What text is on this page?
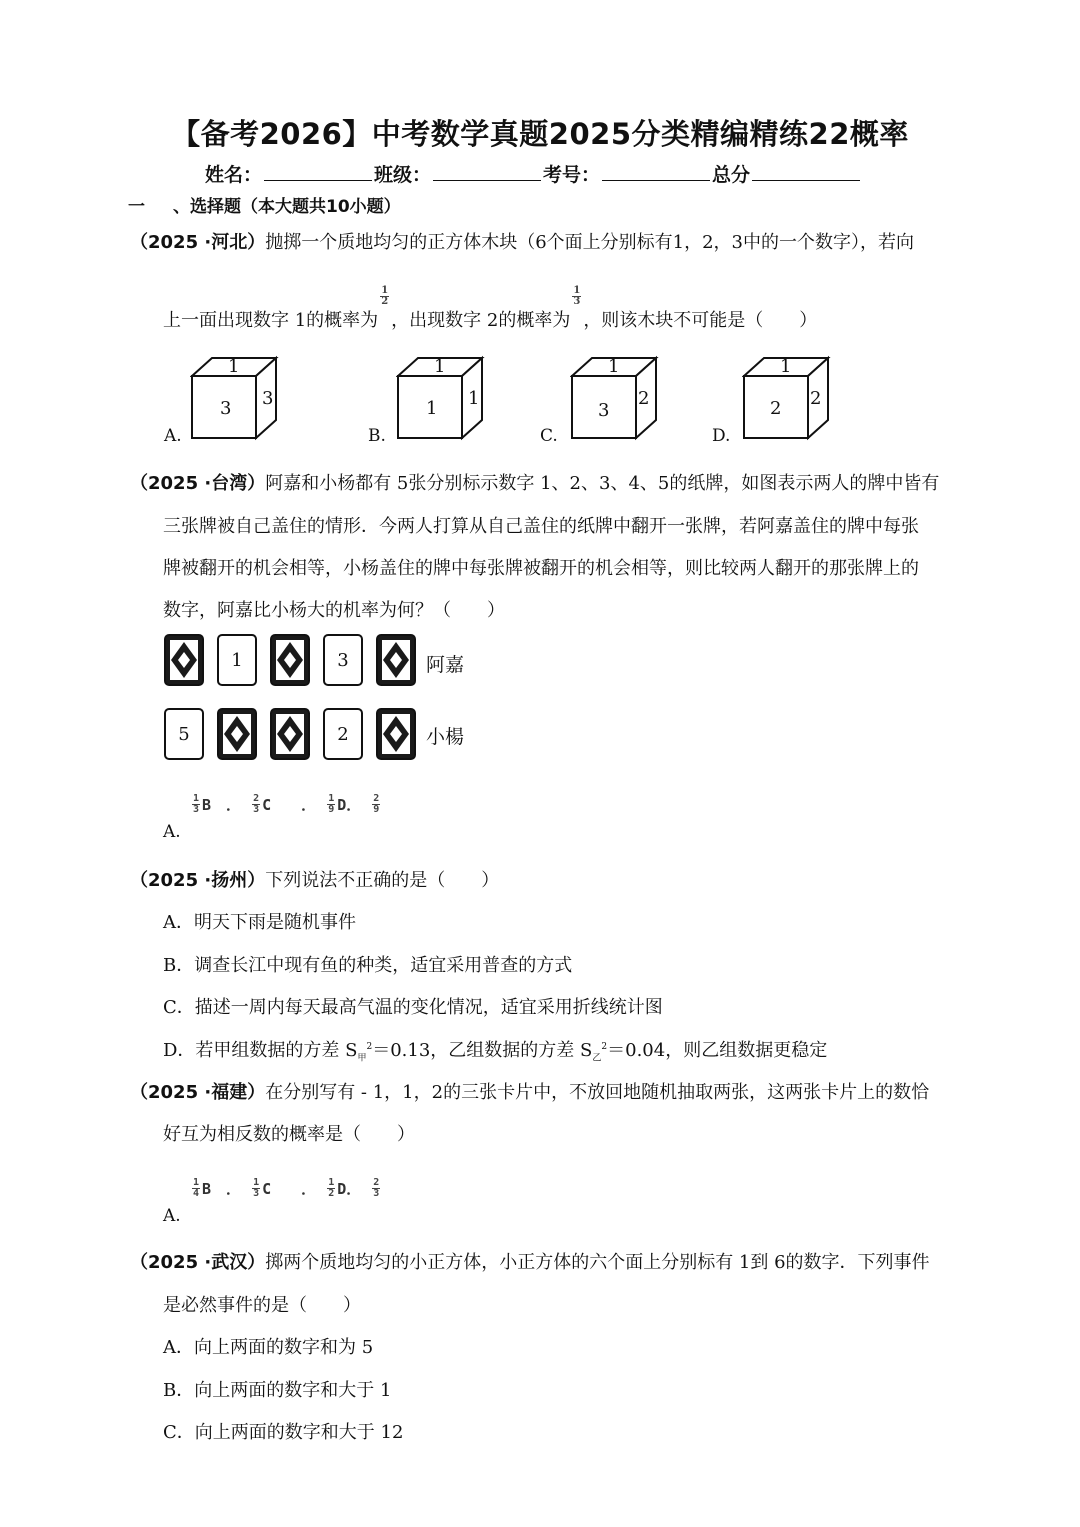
【备考2026】中考数学真题2025分类精编精练22概率
姓名：	班级：	考号：	总分
一 、选择题（本大题共10小题）
（2025 ·河北）抛掷一个质地均匀的正方体木块（6个面上分别标有1，2，3中的一个数字），若向
上一面出现数字 1的概率为
$\frac{1}{2}$
，出现数字 2的概率为
$\frac{1}{3}$
，则该木块不可能是（　　）
A.
1
3 3
B.
1
1 1
C.
1
3
2
D.
1
2 2
（2025 ·台湾）阿嘉和小杨都有 5张分别标示数字 1、2、3、4、5的纸牌，如图表示两人的牌中皆有
三张牌被自己盖住的情形．今两人打算从自己盖住的纸牌中翻开一张牌，若阿嘉盖住的牌中每张
牌被翻开的机会相等，小杨盖住的牌中每张牌被翻开的机会相等，则比较两人翻开的那张牌上的
数字，阿嘉比小杨大的机率为何？（　　）
1	3	阿嘉
5	2	小楊
$\frac{1}{3}$ B　． $\frac{2}{3}$ C　　． $\frac{1}{9}$ D． $\frac{2}{9}$
A.
（2025 ·扬州）下列说法不正确的是（　　）
A．明天下雨是随机事件
B．调查长江中现有鱼的种类，适宜采用普查的方式
C．描述一周内每天最高气温的变化情况，适宜采用折线统计图
D．若甲组数据的方差 $S_甲^2=0.13$，乙组数据的方差 $S_乙^2=0.04$，则乙组数据更稳定
（2025 ·福建）在分别写有 - 1，1，2的三张卡片中，不放回地随机抽取两张，这两张卡片上的数恰
好互为相反数的概率是（　　）
$\frac{1}{4}$ B　． $\frac{1}{3}$ C　　． $\frac{1}{2}$ D． $\frac{2}{3}$
A.
（2025 ·武汉）掷两个质地均匀的小正方体，小正方体的六个面上分别标有 1到 6的数字．下列事件
是必然事件的是（　　）
A．向上两面的数字和为 5
B．向上两面的数字和大于 1
C．向上两面的数字和大于 12
